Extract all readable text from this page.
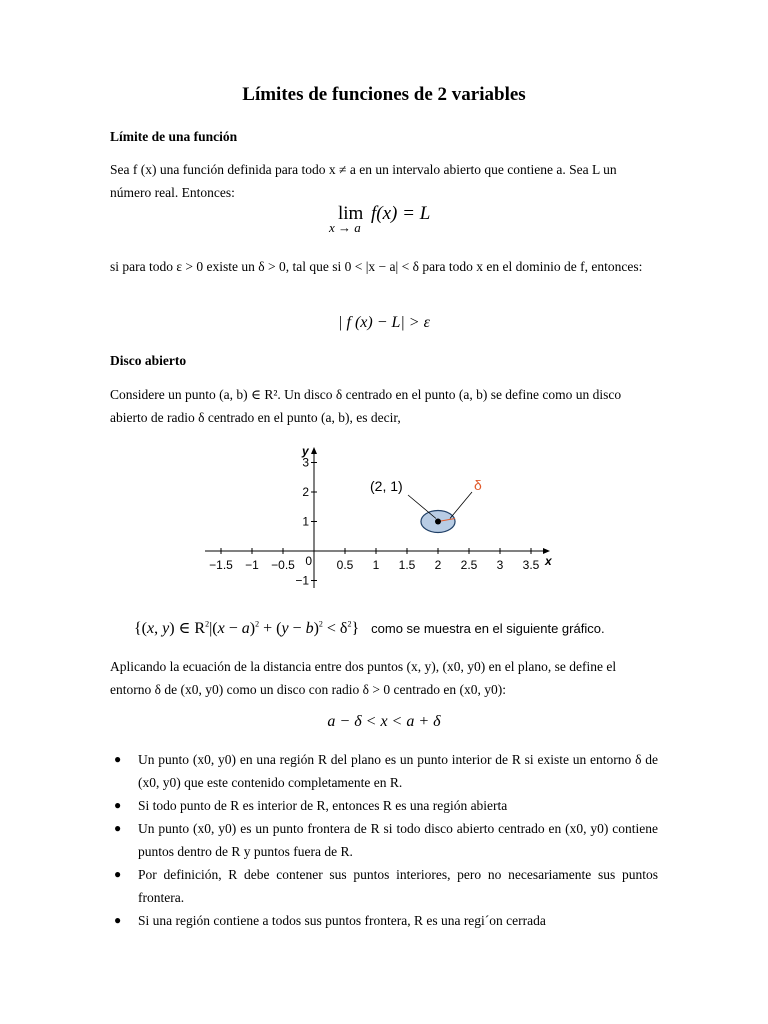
Límites de funciones de 2 variables

Límite de una función

Sea f (x) una función definida para todo x ≠ a en un intervalo abierto que contiene a. Sea L un número real. Entonces:

lim
x → a
f(x) = L

si para todo ε > 0 existe un δ > 0, tal que si 0 < |x − a| < δ para todo x en el dominio de f, entonces:

| f (x) − L| > ε

Disco abierto

Considere un punto (a, b) ∈ R². Un disco δ centrado en el punto (a, b) se define como un disco abierto de radio δ centrado en el punto (a, b), es decir,

−1.5 −1 −0.5 0 0.5 1 1.5 2 2.5 3 3.5
3
2
1
−1
x
y
(2, 1)	δ
{(x, y) ∈ $R^2|(x - a)^2 + (y - b)^2 < \delta^2$} como se muestra en el siguiente gráfico.

Aplicando la ecuación de la distancia entre dos puntos (x, y), (x0, y0) en el plano, se define el entorno δ de (x0, y0) como un disco con radio δ > 0 centrado en (x0, y0):

a − δ < x < a + δ
● Un punto (x0, y0) en una región R del plano es un punto interior de R si existe un entorno δ de (x0, y0) que este contenido completamente en R.
● Si todo punto de R es interior de R, entonces R es una región abierta
● Un punto (x0, y0) es un punto frontera de R si todo disco abierto centrado en (x0, y0) contiene puntos dentro de R y puntos fuera de R.
● Por definición, R debe contener sus puntos interiores, pero no necesariamente sus puntos frontera.
● Si una región contiene a todos sus puntos frontera, R es una regi´on cerrada
